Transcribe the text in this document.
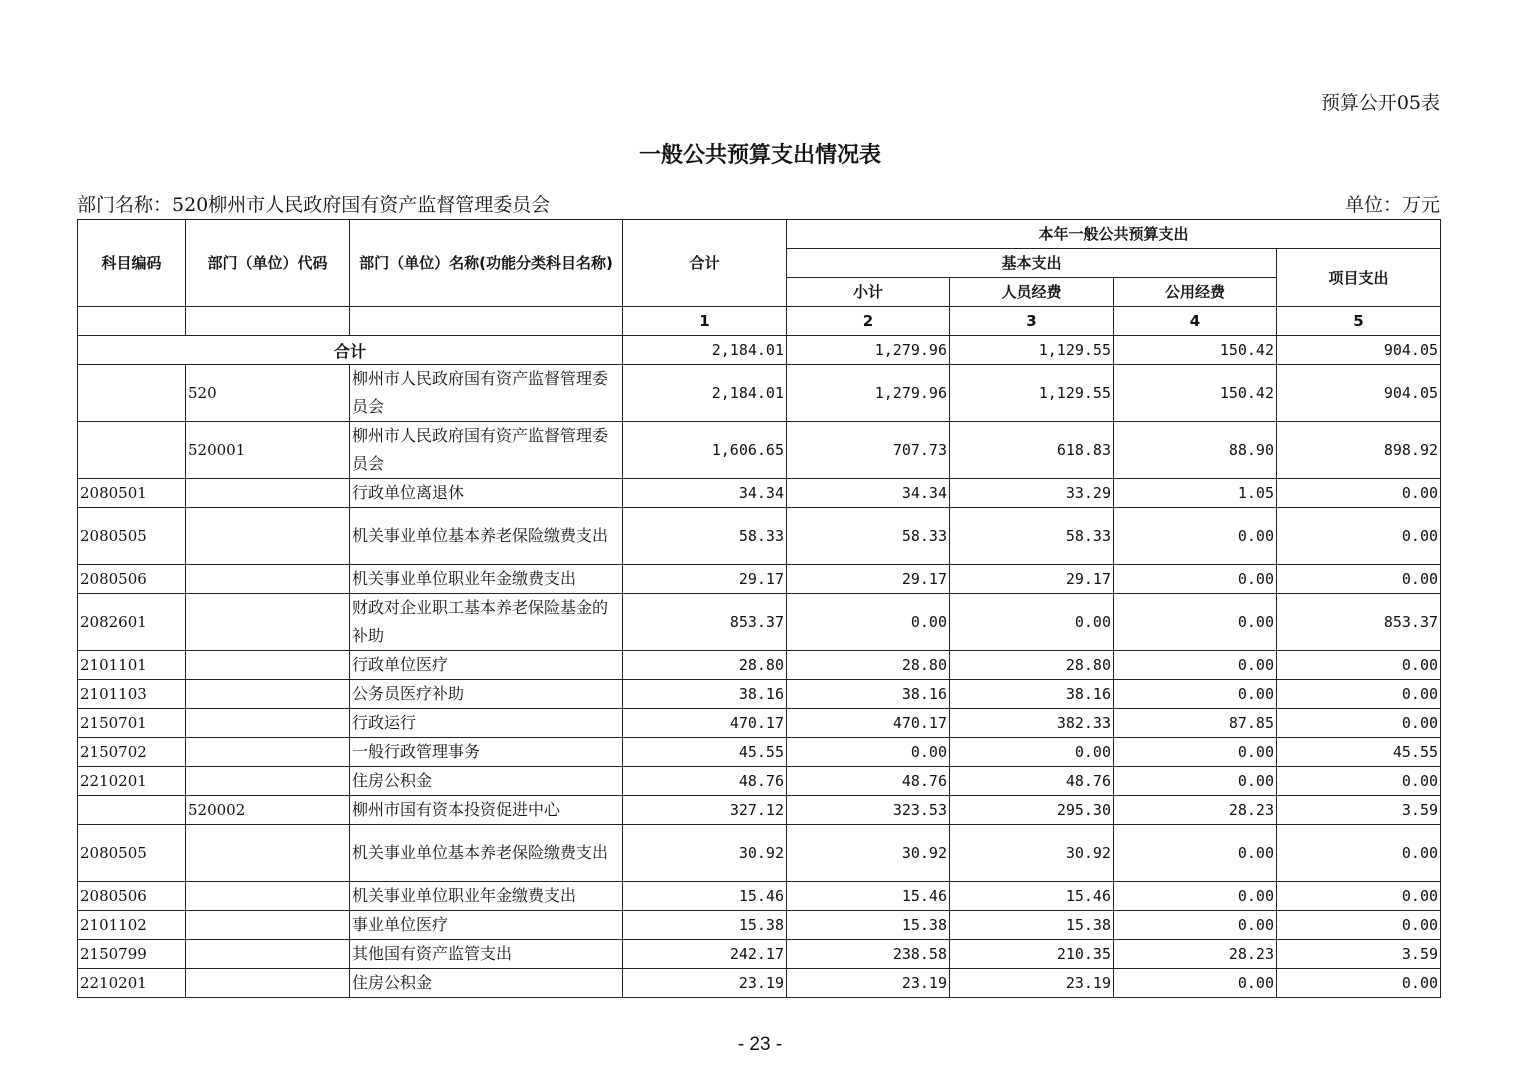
预算公开05表
一般公共预算支出情况表
部门名称：520柳州市人民政府国有资产监督管理委员会	单位：万元
科目编码	部门（单位）代码	部门（单位）名称(功能分类科目名称)	合计	本年一般公共预算支出			
				基本支出			项目支出
				小计	人员经费	公用经费	
			1	2	3	4	5
合计			2,184.01	1,279.96	1,129.55	150.42	904.05
	520	柳州市人民政府国有资产监督管理委员会	2,184.01	1,279.96	1,129.55	150.42	904.05
	520001	柳州市人民政府国有资产监督管理委员会	1,606.65	707.73	618.83	88.90	898.92
2080501		行政单位离退休	34.34	34.34	33.29	1.05	0.00
2080505		机关事业单位基本养老保险缴费支出	58.33	58.33	58.33	0.00	0.00
2080506		机关事业单位职业年金缴费支出	29.17	29.17	29.17	0.00	0.00
2082601		财政对企业职工基本养老保险基金的补助	853.37	0.00	0.00	0.00	853.37
2101101		行政单位医疗	28.80	28.80	28.80	0.00	0.00
2101103		公务员医疗补助	38.16	38.16	38.16	0.00	0.00
2150701		行政运行	470.17	470.17	382.33	87.85	0.00
2150702		一般行政管理事务	45.55	0.00	0.00	0.00	45.55
2210201		住房公积金	48.76	48.76	48.76	0.00	0.00
	520002	柳州市国有资本投资促进中心	327.12	323.53	295.30	28.23	3.59
2080505		机关事业单位基本养老保险缴费支出	30.92	30.92	30.92	0.00	0.00
2080506		机关事业单位职业年金缴费支出	15.46	15.46	15.46	0.00	0.00
2101102		事业单位医疗	15.38	15.38	15.38	0.00	0.00
2150799		其他国有资产监管支出	242.17	238.58	210.35	28.23	3.59
2210201		住房公积金	23.19	23.19	23.19	0.00	0.00
- 23 -
